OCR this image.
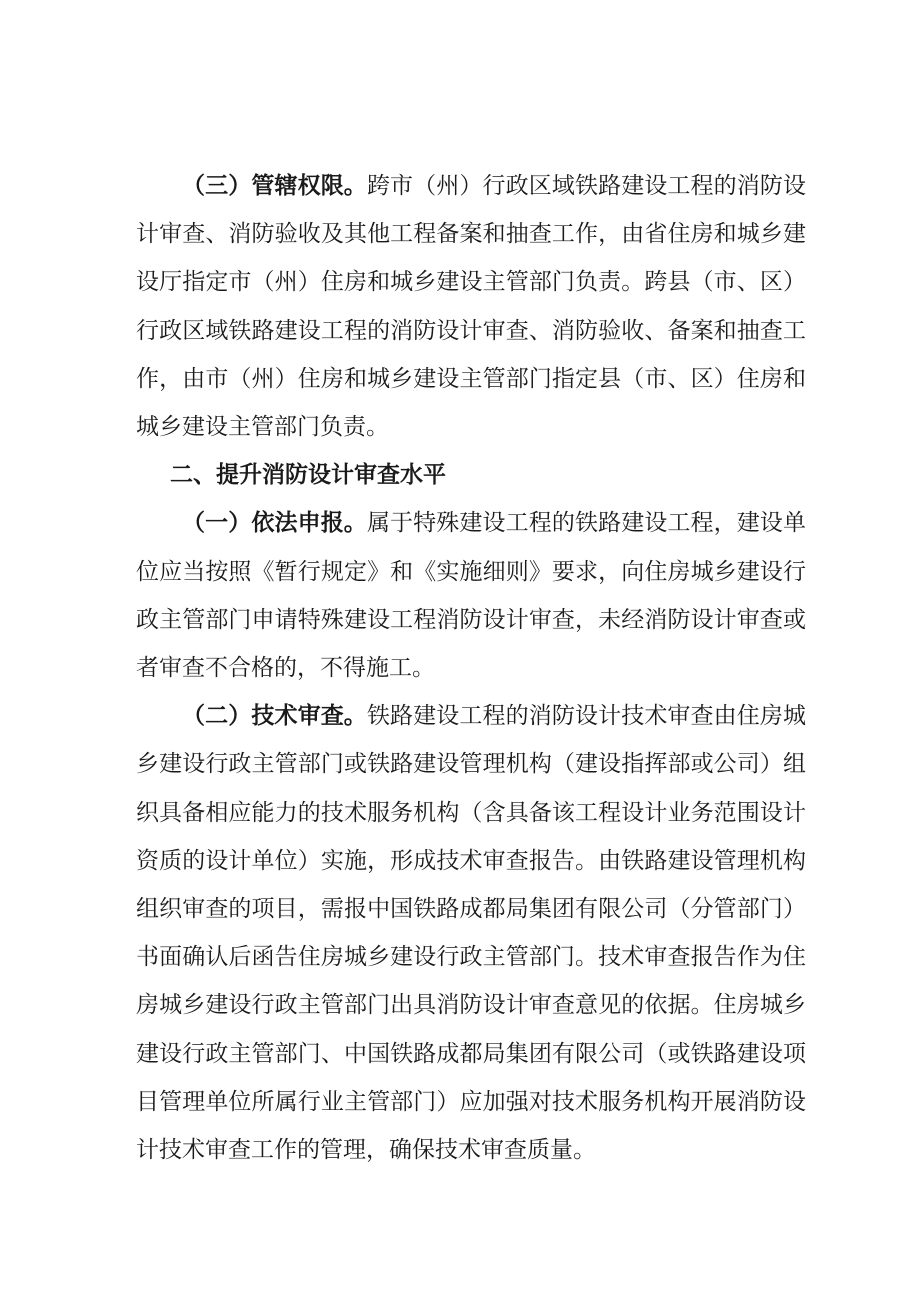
（三）管辖权限。跨市（州）行政区域铁路建设工程的消防设计审查、消防验收及其他工程备案和抽查工作，由省住房和城乡建设厅指定市（州）住房和城乡建设主管部门负责。跨县（市、区）行政区域铁路建设工程的消防设计审查、消防验收、备案和抽查工作，由市（州）住房和城乡建设主管部门指定县（市、区）住房和城乡建设主管部门负责。

二、提升消防设计审查水平

（一）依法申报。属于特殊建设工程的铁路建设工程，建设单位应当按照《暂行规定》和《实施细则》要求，向住房城乡建设行政主管部门申请特殊建设工程消防设计审查，未经消防设计审查或者审查不合格的，不得施工。

（二）技术审查。铁路建设工程的消防设计技术审查由住房城乡建设行政主管部门或铁路建设管理机构（建设指挥部或公司）组织具备相应能力的技术服务机构（含具备该工程设计业务范围设计资质的设计单位）实施，形成技术审查报告。由铁路建设管理机构组织审查的项目，需报中国铁路成都局集团有限公司（分管部门）书面确认后函告住房城乡建设行政主管部门。技术审查报告作为住房城乡建设行政主管部门出具消防设计审查意见的依据。住房城乡建设行政主管部门、中国铁路成都局集团有限公司（或铁路建设项目管理单位所属行业主管部门）应加强对技术服务机构开展消防设计技术审查工作的管理，确保技术审查质量。
